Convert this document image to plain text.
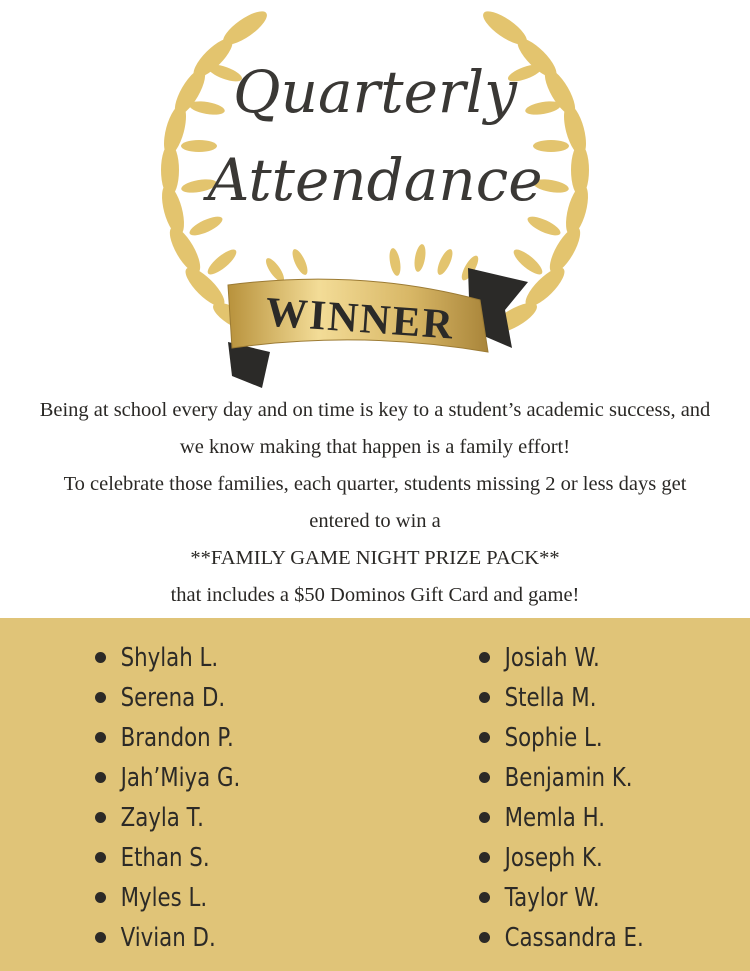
Quarterly
Attendance
WINNER

Being at school every day and on time is key to a student’s academic success, and

we know making that happen is a family effort!

To celebrate those families, each quarter, students missing 2 or less days get

entered to win a

**FAMILY GAME NIGHT PRIZE PACK**

that includes a $50 Dominos Gift Card and game!

Shylah L.
Serena D.
Brandon P.
Jah’Miya G.
Zayla T.
Ethan S.
Myles L.
Vivian D.
Josiah W.
Stella M.
Sophie L.
Benjamin K.
Memla H.
Joseph K.
Taylor W.
Cassandra E.
